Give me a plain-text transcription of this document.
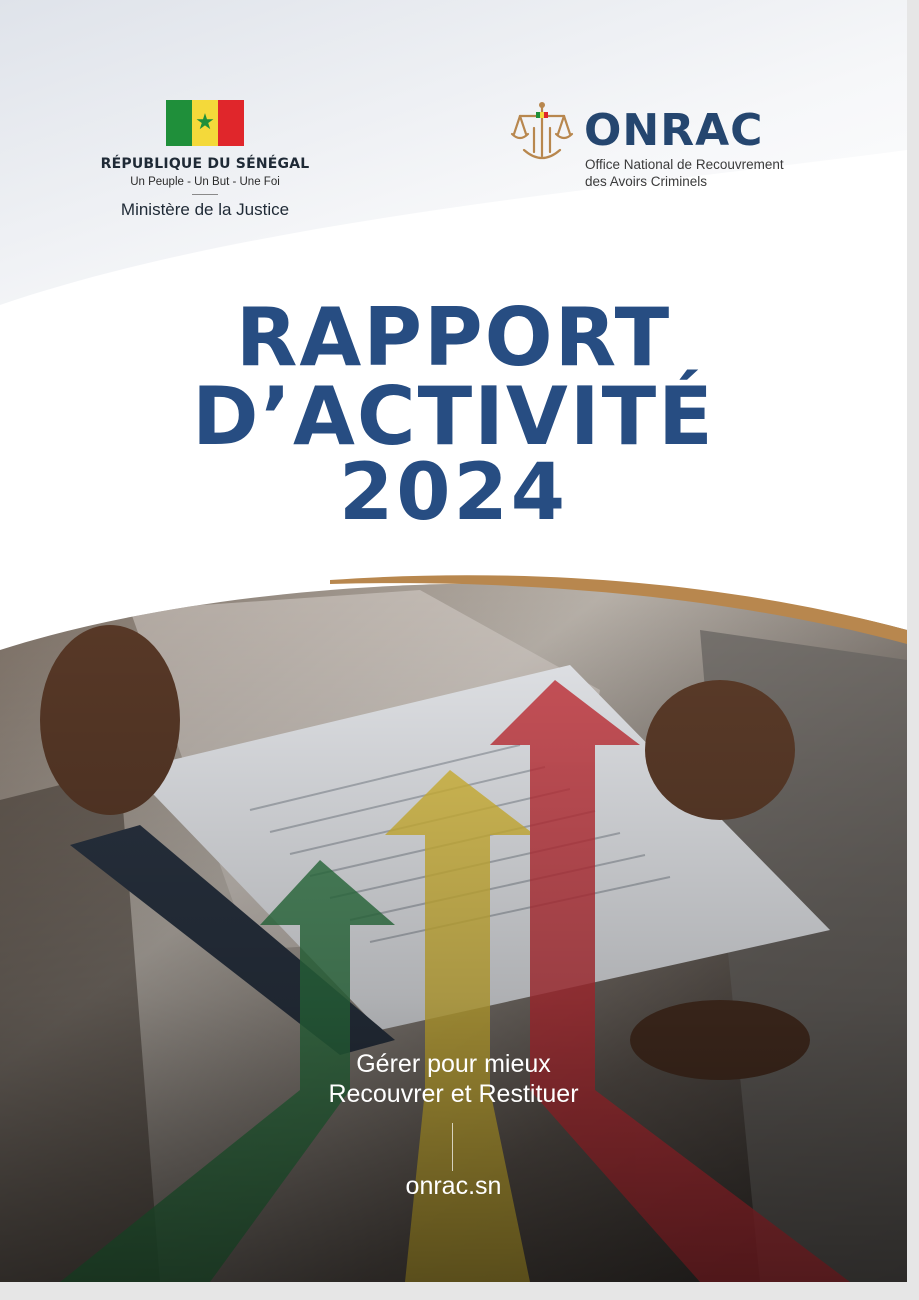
★
RÉPUBLIQUE DU SÉNÉGAL
Un Peuple - Un But - Une Foi
Ministère de la Justice
ONRAC
Office National de Recouvrement
des Avoirs Criminels
RAPPORT
D’ACTIVITÉ
2024
Gérer pour mieux
Recouvrer et Restituer
onrac.sn
